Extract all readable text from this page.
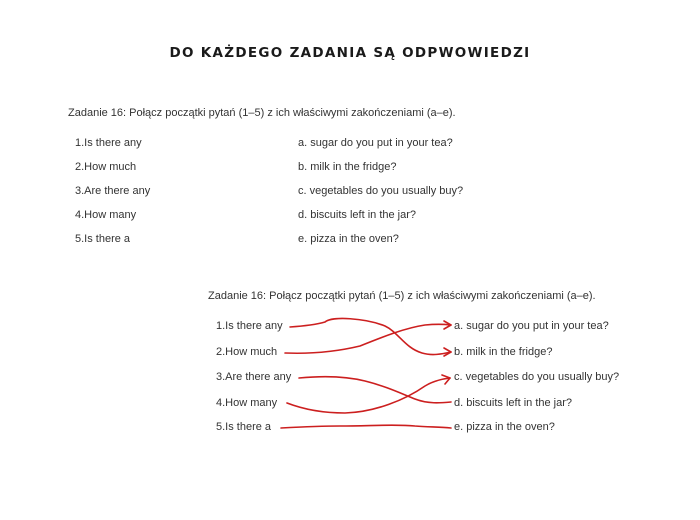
DO KAŻDEGO ZADANIA SĄ ODPWOWIEDZI
Zadanie 16: Połącz początki pytań (1–5) z ich właściwymi zakończeniami (a–e).
1.Is there any
2.How much
3.Are there any
4.How many
5.Is there a
a. sugar do you put in your tea?
b. milk in the fridge?
c. vegetables do you usually buy?
d. biscuits left in the jar?
e. pizza in the oven?
Zadanie 16: Połącz początki pytań (1–5) z ich właściwymi zakończeniami (a–e).
1.Is there any
2.How much
3.Are there any
4.How many
5.Is there a
a. sugar do you put in your tea?
b. milk in the fridge?
c. vegetables do you usually buy?
d. biscuits left in the jar?
e. pizza in the oven?
